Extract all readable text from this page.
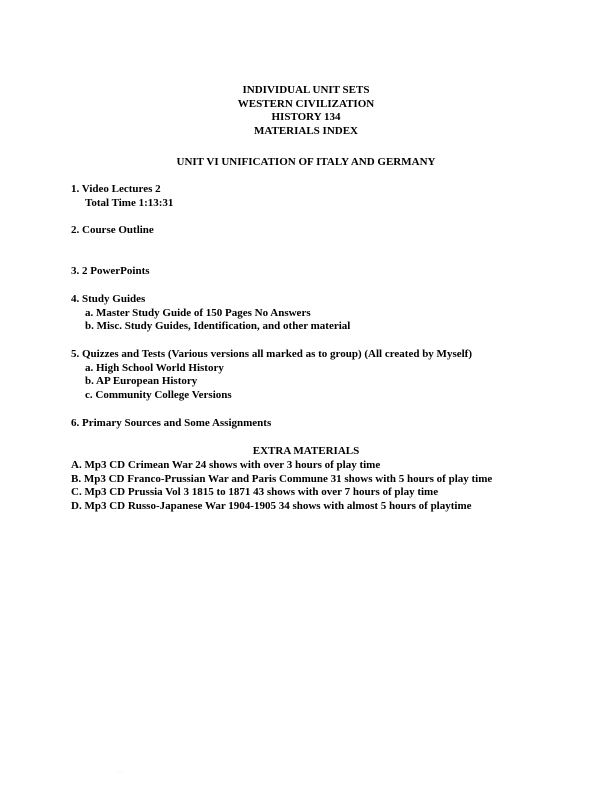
INDIVIDUAL UNIT SETS
WESTERN CIVILIZATION
HISTORY 134
MATERIALS INDEX
UNIT VI UNIFICATION OF ITALY AND GERMANY
1. Video Lectures 2
Total Time 1:13:31
2. Course Outline
3. 2 PowerPoints
4. Study Guides
a. Master Study Guide of 150 Pages No Answers
b. Misc. Study Guides, Identification, and other material
5. Quizzes and Tests (Various versions all marked as to group) (All created by Myself)
a. High School World History
b. AP European History
c. Community College Versions
6. Primary Sources and Some Assignments
EXTRA MATERIALS
A. Mp3 CD Crimean War 24 shows with over 3 hours of play time
B. Mp3 CD Franco-Prussian War and Paris Commune 31 shows with 5 hours of play time
C. Mp3 CD Prussia Vol 3 1815 to 1871 43 shows with over 7 hours of play time
D. Mp3 CD Russo-Japanese War 1904-1905 34 shows with almost 5 hours of playtime
· ·
